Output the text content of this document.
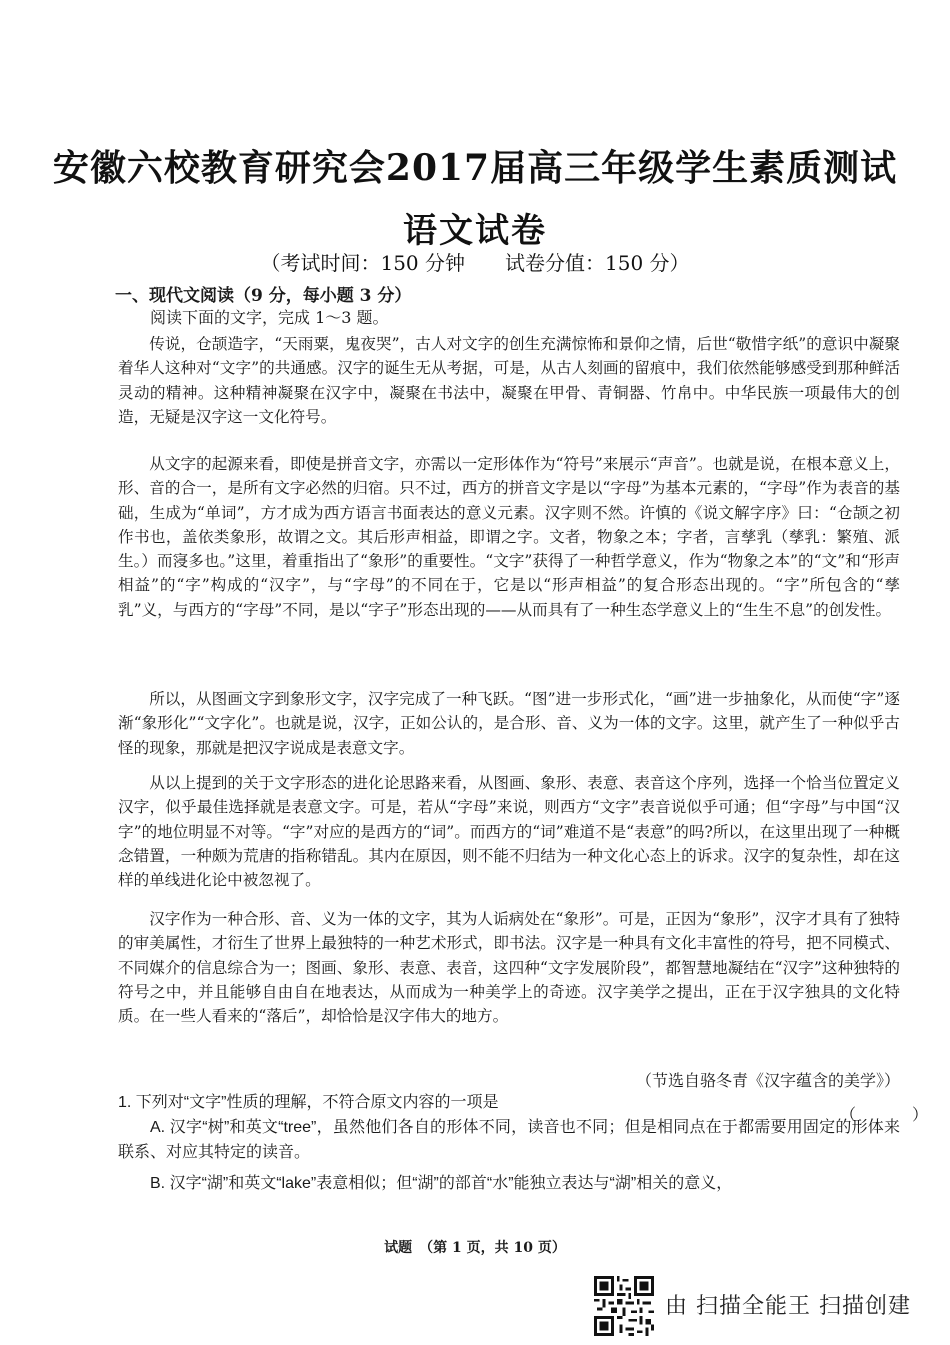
安徽六校教育研究会2017届高三年级学生素质测试
语文试卷
（考试时间：150 分钟　　试卷分值：150 分）
一、现代文阅读（9 分，每小题 3 分）
阅读下面的文字，完成 1～3 题。
传说，仓颉造字，“天雨粟，鬼夜哭”，古人对文字的创生充满惊怖和景仰之情，后世“敬惜字纸”的意识中凝聚着华人这种对“文字”的共通感。汉字的诞生无从考据，可是，从古人刻画的留痕中，我们依然能够感受到那种鲜活灵动的精神。这种精神凝聚在汉字中，凝聚在书法中，凝聚在甲骨、青铜器、竹帛中。中华民族一项最伟大的创造，无疑是汉字这一文化符号。
从文字的起源来看，即使是拼音文字，亦需以一定形体作为“符号”来展示“声音”。也就是说，在根本意义上，形、音的合一，是所有文字必然的归宿。只不过，西方的拼音文字是以“字母”为基本元素的，“字母”作为表音的基础，生成为“单词”，方才成为西方语言书面表达的意义元素。汉字则不然。许慎的《说文解字序》曰：“仓颉之初作书也，盖依类象形，故谓之文。其后形声相益，即谓之字。文者，物象之本；字者，言孳乳（孳乳：繁殖、派生。）而寖多也。”这里，着重指出了“象形”的重要性。“文字”获得了一种哲学意义，作为“物象之本”的“文”和“形声相益”的“字”构成的“汉字”，与“字母”的不同在于，它是以“形声相益”的复合形态出现的。“字”所包含的“孳乳”义，与西方的“字母”不同，是以“字子”形态出现的——从而具有了一种生态学意义上的“生生不息”的创发性。
所以，从图画文字到象形文字，汉字完成了一种飞跃。“图”进一步形式化，“画”进一步抽象化，从而使“字”逐渐“象形化”“文字化”。也就是说，汉字，正如公认的，是合形、音、义为一体的文字。这里，就产生了一种似乎古怪的现象，那就是把汉字说成是表意文字。
从以上提到的关于文字形态的进化论思路来看，从图画、象形、表意、表音这个序列，选择一个恰当位置定义汉字，似乎最佳选择就是表意文字。可是，若从“字母”来说，则西方“文字”表音说似乎可通；但“字母”与中国“汉字”的地位明显不对等。“字”对应的是西方的“词”。而西方的“词”难道不是“表意”的吗?所以，在这里出现了一种概念错置，一种颇为荒唐的指称错乱。其内在原因，则不能不归结为一种文化心态上的诉求。汉字的复杂性，却在这样的单线进化论中被忽视了。
汉字作为一种合形、音、义为一体的文字，其为人诟病处在“象形”。可是，正因为“象形”，汉字才具有了独特的审美属性，才衍生了世界上最独特的一种艺术形式，即书法。汉字是一种具有文化丰富性的符号，把不同模式、不同媒介的信息综合为一；图画、象形、表意、表音，这四种“文字发展阶段”，都智慧地凝结在“汉字”这种独特的符号之中，并且能够自由自在地表达，从而成为一种美学上的奇迹。汉字美学之提出，正在于汉字独具的文化特质。在一些人看来的“落后”，却恰恰是汉字伟大的地方。
（节选自骆冬青《汉字蕴含的美学》）
1. 下列对“文字”性质的理解，不符合原文内容的一项是
（　）
A. 汉字“树”和英文“tree”，虽然他们各自的形体不同，读音也不同；但是相同点在于都需要用固定的形体来联系、对应其特定的读音。
B. 汉字“湖”和英文“lake”表意相似；但“湖”的部首“水”能独立表达与“湖”相关的意义，
试题　（第 1 页，共 10 页）
由 扫描全能王 扫描创建
